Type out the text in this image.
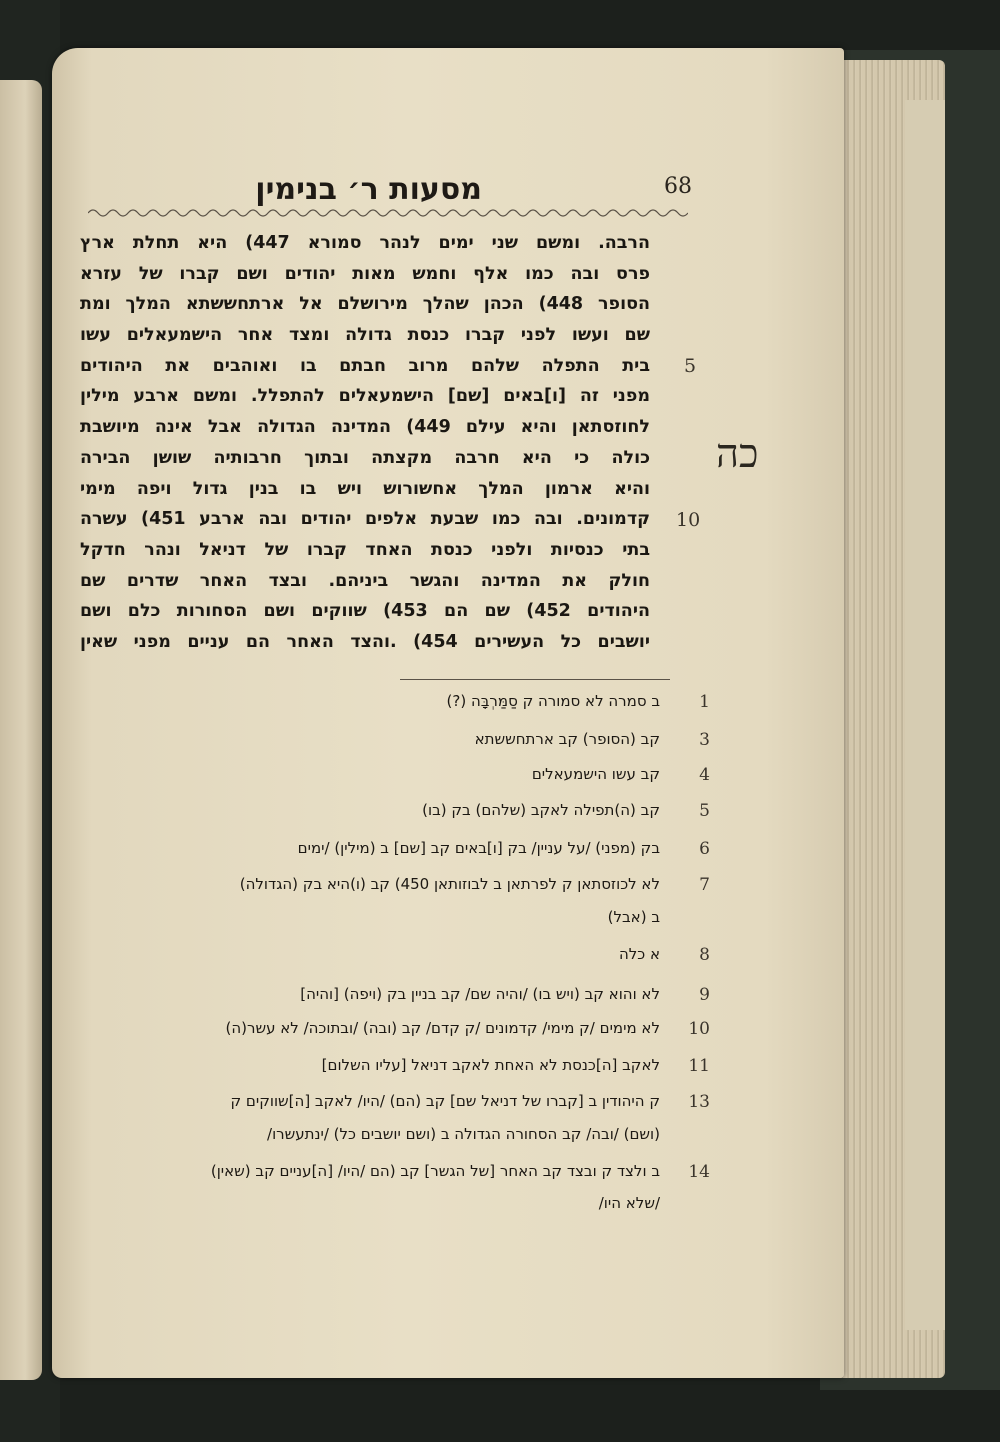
מסעות ר׳ בנימין	68
הרבה. ומשם שני ימים לנהר סמורא 447) היא תחלת ארץ
פרס ובה כמו אלף וחמש מאות יהודים ושם קברו של עזרא
הסופר 448) הכהן שהלך מירושלם אל ארתחששתא המלך ומת
שם ועשו לפני קברו כנסת גדולה ומצד אחר הישמעאלים עשו
בית התפלה שלהם מרוב חבתם בו ואוהבים את היהודים
מפני זה [ו]באים [שם] הישמעאלים להתפלל. ומשם ארבע מילין
לחוזסתאן והיא עילם 449) המדינה הגדולה אבל אינה מיושבת
כולה כי היא חרבה מקצתה ובתוך חרבותיה שושן הבירה
והיא ארמון המלך אחשורוש ויש בו בנין גדול ויפה מימי
קדמונים. ובה כמו שבעת אלפים יהודים ובה ארבע 451) עשרה
בתי כנסיות ולפני כנסת האחד קברו של דניאל ונהר חדקל
חולק את המדינה והגשר ביניהם. ובצד האחר שדרים שם
היהודים 452) שם הם 453) שווקים ושם הסחורות כלם ושם
יושבים כל העשירים 454) .והצד האחר הם עניים מפני שאין
5
10
כה
1
ב סמרה לא סמורה ק סַמַּרְבָּה (?)
3
קב (הסופר) קב ארתחששתא
4
קב עשו הישמעאלים
5
קב (ה)תפילה לאקב (שלהם) בק (בו)
6
בק (מפני) /על עניין/ בק [ו]באים קב [שם] ב (מילין) /ימים
7
לא לכוזסתאן ק לפרתאן ב לבוזותאן 450) קב (ו)היא בק (הגדולה)
ב (אבל)
8
א כלה
9
לא והוא קב (ויש בו) /והיה שם/ קב בניין בק (ויפה) [והיה]
10
לא מימים /ק מימי/ קדמונים /ק קדם/ קב (ובה) /ובתוכה/ לא עשר(ה)
11
לאקב [ה]כנסת לא האחת לאקב דניאל [עליו השלום]
13
ק היהודין ב [קברו של דניאל שם] קב (הם) /היו/ לאקב [ה]שווקים ק
(ושם) /ובה/ קב הסחורה הגדולה ב (ושם יושבים כל) /ינתעשרו/
14
ב ולצד ק ובצד קב האחר [של הגשר] קב (הם /היו/ [ה]עניים קב (שאין)
/שלא היו/
